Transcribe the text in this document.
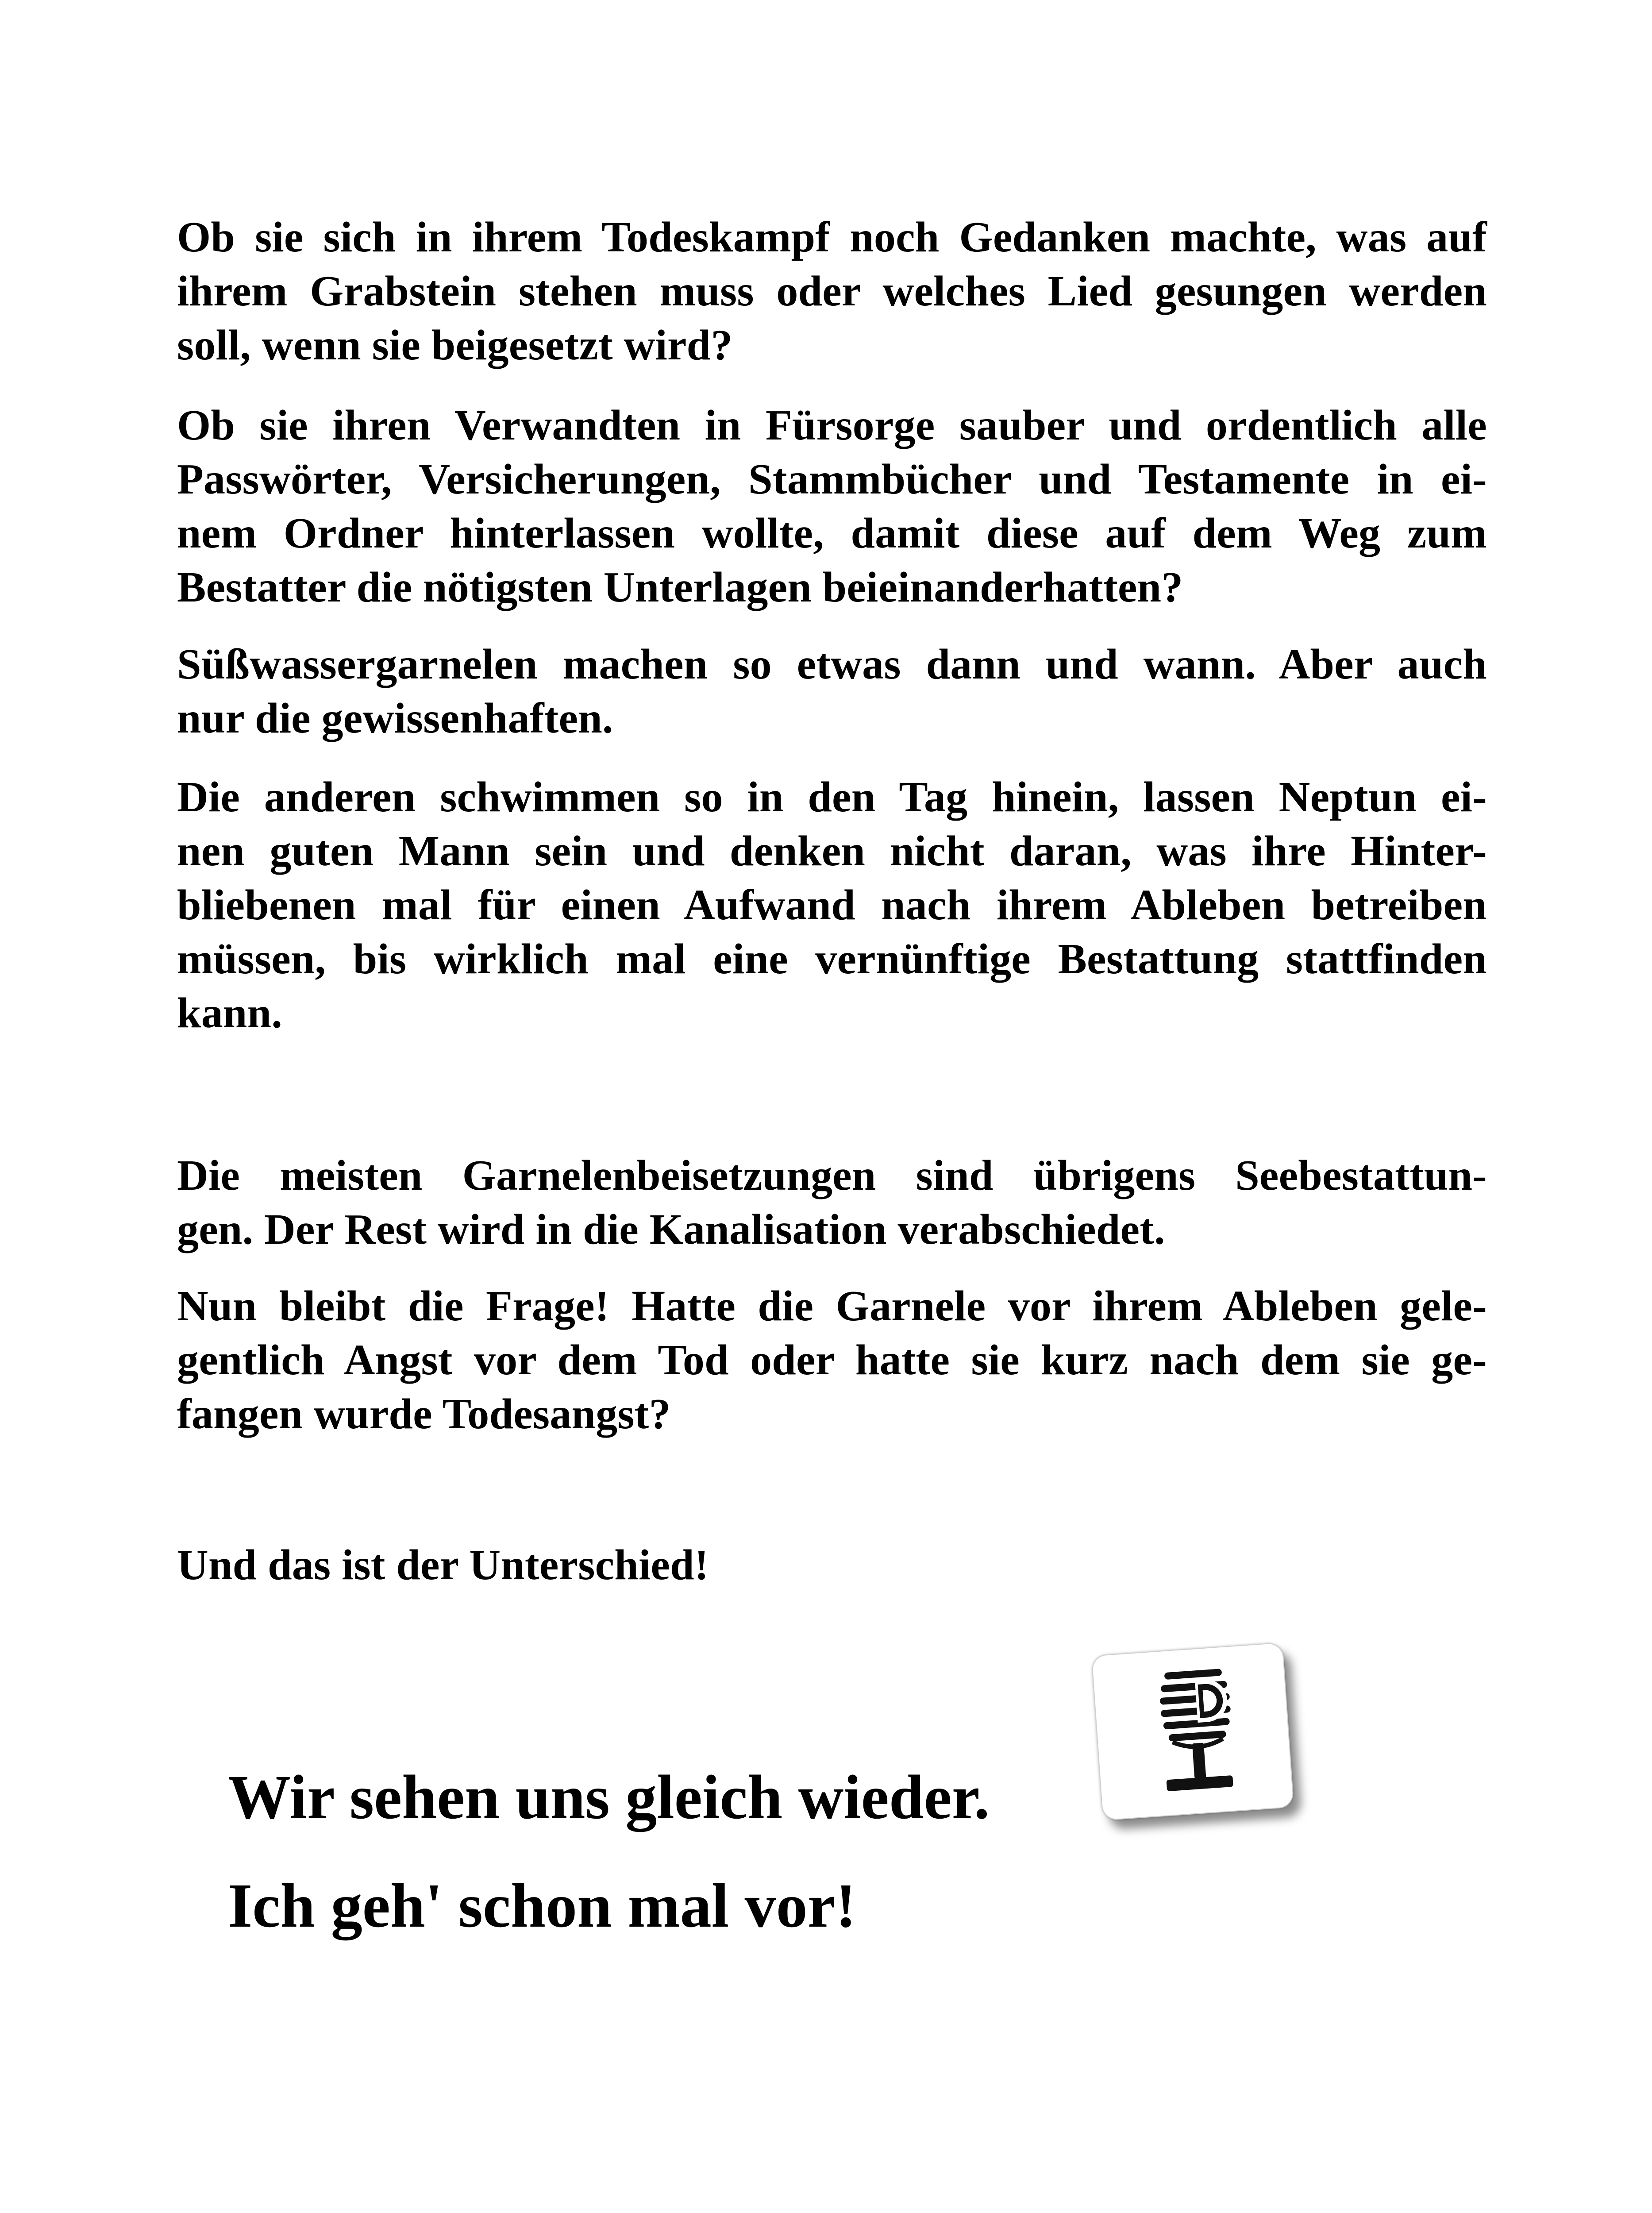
Ob sie sich in ihrem Todeskampf noch Gedanken machte, was auf
ihrem Grabstein stehen muss oder welches Lied gesungen werden
soll, wenn sie beigesetzt wird?
Ob sie ihren Verwandten in Fürsorge sauber und ordentlich alle
Passwörter, Versicherungen, Stammbücher und Testamente in ei-
nem Ordner hinterlassen wollte, damit diese auf dem Weg zum
Bestatter die nötigsten Unterlagen beieinanderhatten?
Süßwassergarnelen machen so etwas dann und wann. Aber auch
nur die gewissenhaften.
Die anderen schwimmen so in den Tag hinein, lassen Neptun ei-
nen guten Mann sein und denken nicht daran, was ihre Hinter-
bliebenen mal für einen Aufwand nach ihrem Ableben betreiben
müssen, bis wirklich mal eine vernünftige Bestattung stattfinden
kann.
Die meisten Garnelenbeisetzungen sind übrigens Seebestattun-
gen. Der Rest wird in die Kanalisation verabschiedet.
Nun bleibt die Frage! Hatte die Garnele vor ihrem Ableben gele-
gentlich Angst vor dem Tod oder hatte sie kurz nach dem sie ge-
fangen wurde Todesangst?
Und das ist der Unterschied!
Wir sehen uns gleich wieder.
Ich geh' schon mal vor!
